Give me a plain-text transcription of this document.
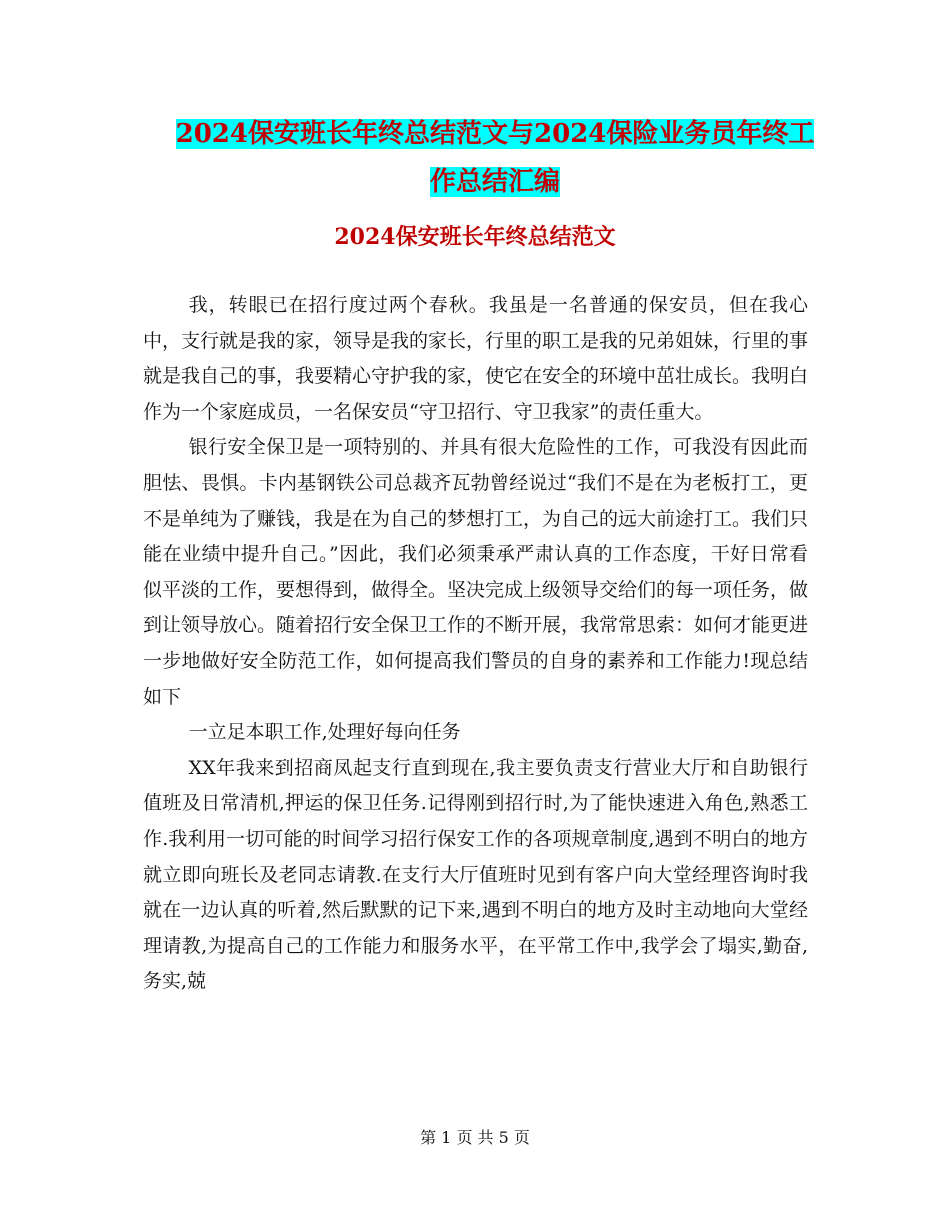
2024保安班长年终总结范文与2024保险业务员年终工
作总结汇编
2024保安班长年终总结范文

我，转眼已在招行度过两个春秋。我虽是一名普通的保安员，但在我心中，支行就是我的家，领导是我的家长，行里的职工是我的兄弟姐妹，行里的事就是我自己的事，我要精心守护我的家，使它在安全的环境中茁壮成长。我明白作为一个家庭成员，一名保安员“守卫招行、守卫我家”的责任重大。

银行安全保卫是一项特别的、并具有很大危险性的工作，可我没有因此而胆怯、畏惧。卡内基钢铁公司总裁齐瓦勃曾经说过“我们不是在为老板打工，更不是单纯为了赚钱，我是在为自己的梦想打工，为自己的远大前途打工。我们只能在业绩中提升自己。”因此，我们必须秉承严肃认真的工作态度，干好日常看似平淡的工作，要想得到，做得全。坚决完成上级领导交给们的每一项任务，做到让领导放心。随着招行安全保卫工作的不断开展，我常常思索：如何才能更进一步地做好安全防范工作，如何提高我们警员的自身的素养和工作能力!现总结如下

一立足本职工作,处理好每向任务

XX年我来到招商凤起支行直到现在,我主要负责支行营业大厅和自助银行值班及日常清机,押运的保卫任务.记得刚到招行时,为了能快速进入角色,熟悉工作.我利用一切可能的时间学习招行保安工作的各项规章制度,遇到不明白的地方就立即向班长及老同志请教.在支行大厅值班时见到有客户向大堂经理咨询时我就在一边认真的听着,然后默默的记下来,遇到不明白的地方及时主动地向大堂经理请教,为提高自己的工作能力和服务水平，在平常工作中,我学会了塌实,勤奋,务实,兢

第 1 页 共 5 页
